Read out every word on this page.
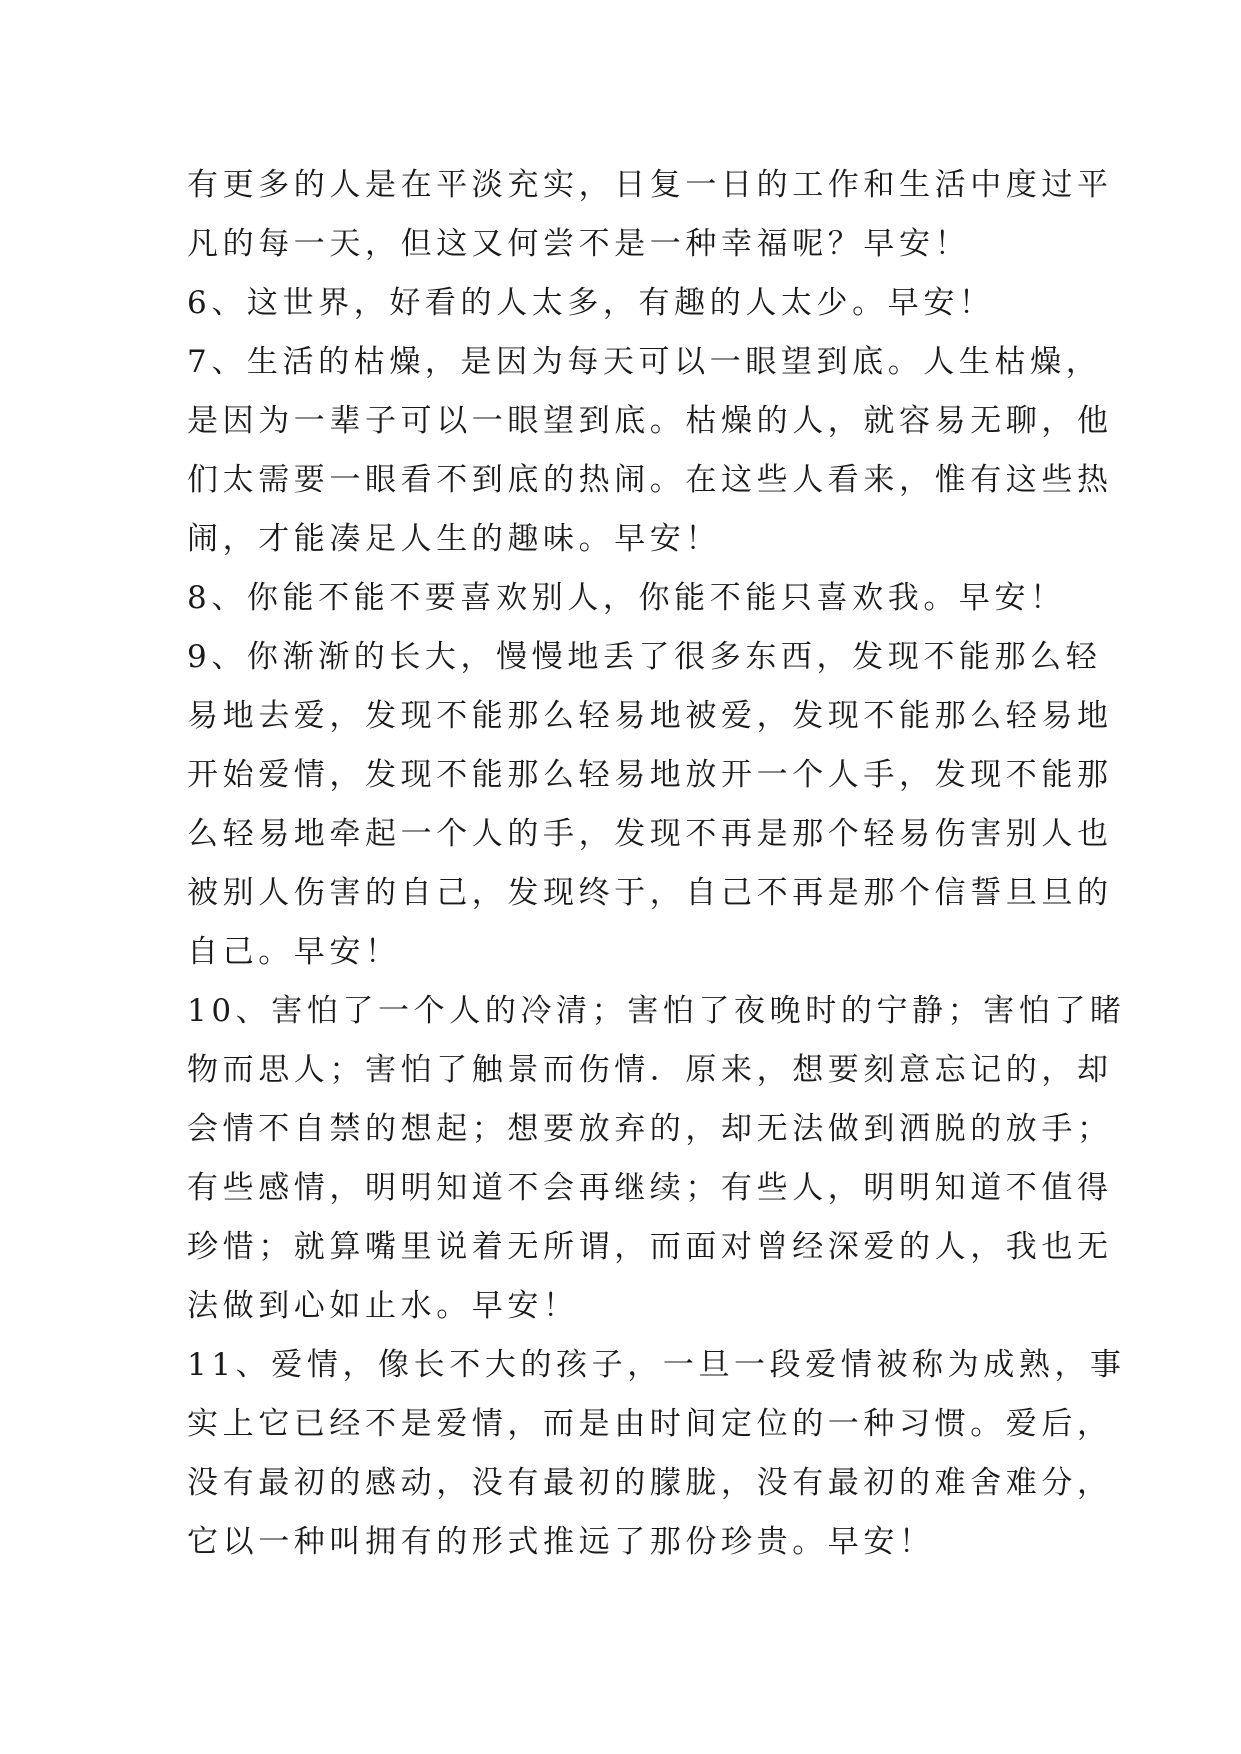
有更多的人是在平淡充实，日复一日的工作和生活中度过平
凡的每一天，但这又何尝不是一种幸福呢？早安！
6、这世界，好看的人太多，有趣的人太少。早安！
7、生活的枯燥，是因为每天可以一眼望到底。人生枯燥，
是因为一辈子可以一眼望到底。枯燥的人，就容易无聊，他
们太需要一眼看不到底的热闹。在这些人看来，惟有这些热
闹，才能凑足人生的趣味。早安！
8、你能不能不要喜欢别人，你能不能只喜欢我。早安！
9、你渐渐的长大，慢慢地丢了很多东西，发现不能那么轻
易地去爱，发现不能那么轻易地被爱，发现不能那么轻易地
开始爱情，发现不能那么轻易地放开一个人手，发现不能那
么轻易地牵起一个人的手，发现不再是那个轻易伤害别人也
被别人伤害的自己，发现终于，自己不再是那个信誓旦旦的
自己。早安！
10、害怕了一个人的冷清；害怕了夜晚时的宁静；害怕了睹
物而思人；害怕了触景而伤情．原来，想要刻意忘记的，却
会情不自禁的想起；想要放弃的，却无法做到洒脱的放手；
有些感情，明明知道不会再继续；有些人，明明知道不值得
珍惜；就算嘴里说着无所谓，而面对曾经深爱的人，我也无
法做到心如止水。早安！
11、爱情，像长不大的孩子，一旦一段爱情被称为成熟，事
实上它已经不是爱情，而是由时间定位的一种习惯。爱后，
没有最初的感动，没有最初的朦胧，没有最初的难舍难分，
它以一种叫拥有的形式推远了那份珍贵。早安！
